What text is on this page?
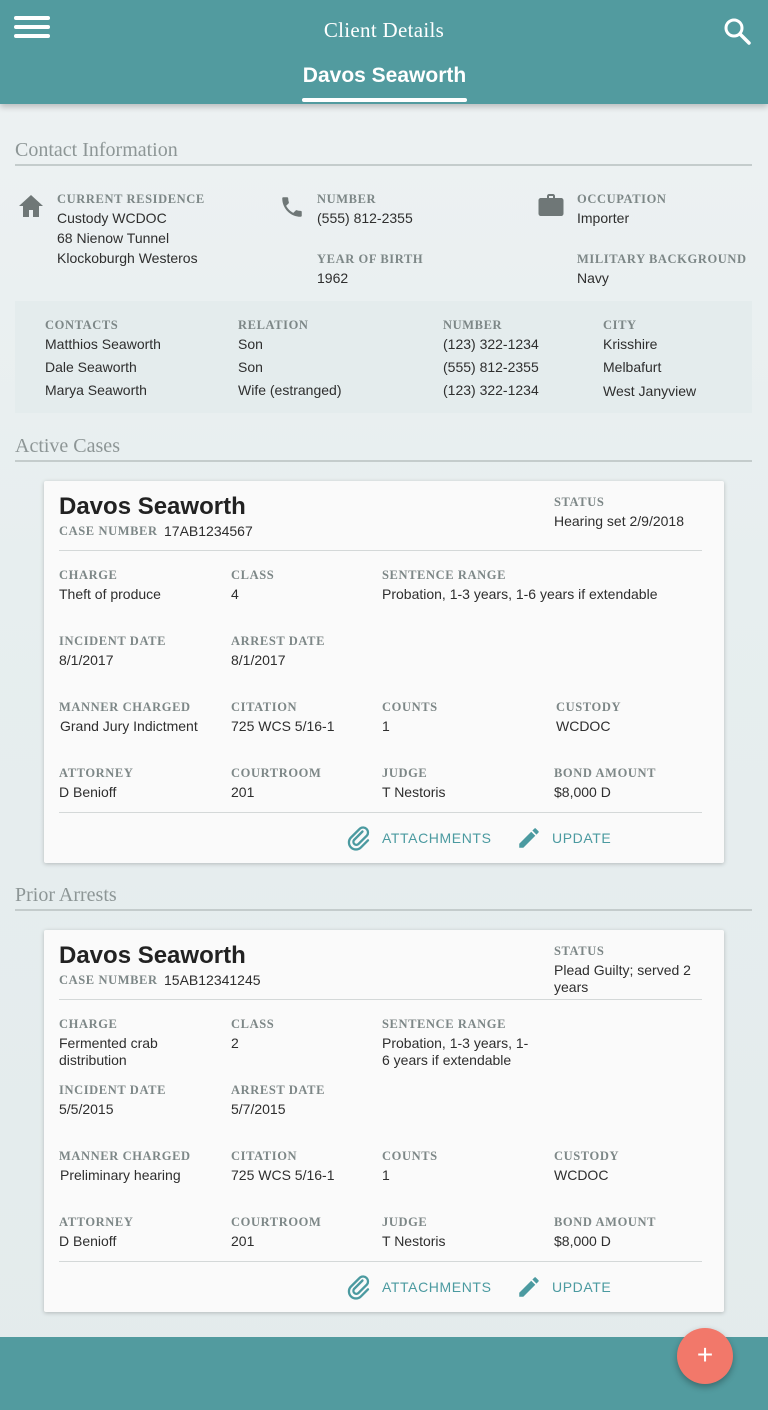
Client Details
Davos Seaworth
Contact Information
CURRENT RESIDENCE
Custody WCDOC
68 Nienow Tunnel
Klockoburgh Westeros
NUMBER
(555) 812-2355
YEAR OF BIRTH
1962
OCCUPATION
Importer
MILITARY BACKGROUND
Navy
CONTACTS	RELATION	NUMBER	CITY
Matthios Seaworth	Son	(123) 322-1234	Krisshire
Dale Seaworth	Son	(555) 812-2355	Melbafurt
Marya Seaworth	Wife (estranged)	(123) 322-1234	West Janyview
Active Cases
Davos Seaworth
CASE NUMBER 17AB1234567
STATUS
Hearing set 2/9/2018
CHARGE
Theft of produce
CLASS
4
SENTENCE RANGE
Probation, 1-3 years, 1-6 years if extendable
INCIDENT DATE
8/1/2017
ARREST DATE
8/1/2017
MANNER CHARGED
Grand Jury Indictment
CITATION
725 WCS 5/16-1
COUNTS
1
CUSTODY
WCDOC
ATTORNEY
D Benioff
COURTROOM
201
JUDGE
T Nestoris
BOND AMOUNT
$8,000 D
ATTACHMENTS	UPDATE
Prior Arrests
Davos Seaworth
CASE NUMBER 15AB12341245
STATUS
Plead Guilty; served 2 years
CHARGE
Fermented crab distribution
CLASS
2
SENTENCE RANGE
Probation, 1-3 years, 1-6 years if extendable
INCIDENT DATE
5/5/2015
ARREST DATE
5/7/2015
MANNER CHARGED
Preliminary hearing
CITATION
725 WCS 5/16-1
COUNTS
1
CUSTODY
WCDOC
ATTORNEY
D Benioff
COURTROOM
201
JUDGE
T Nestoris
BOND AMOUNT
$8,000 D
ATTACHMENTS	UPDATE
+
